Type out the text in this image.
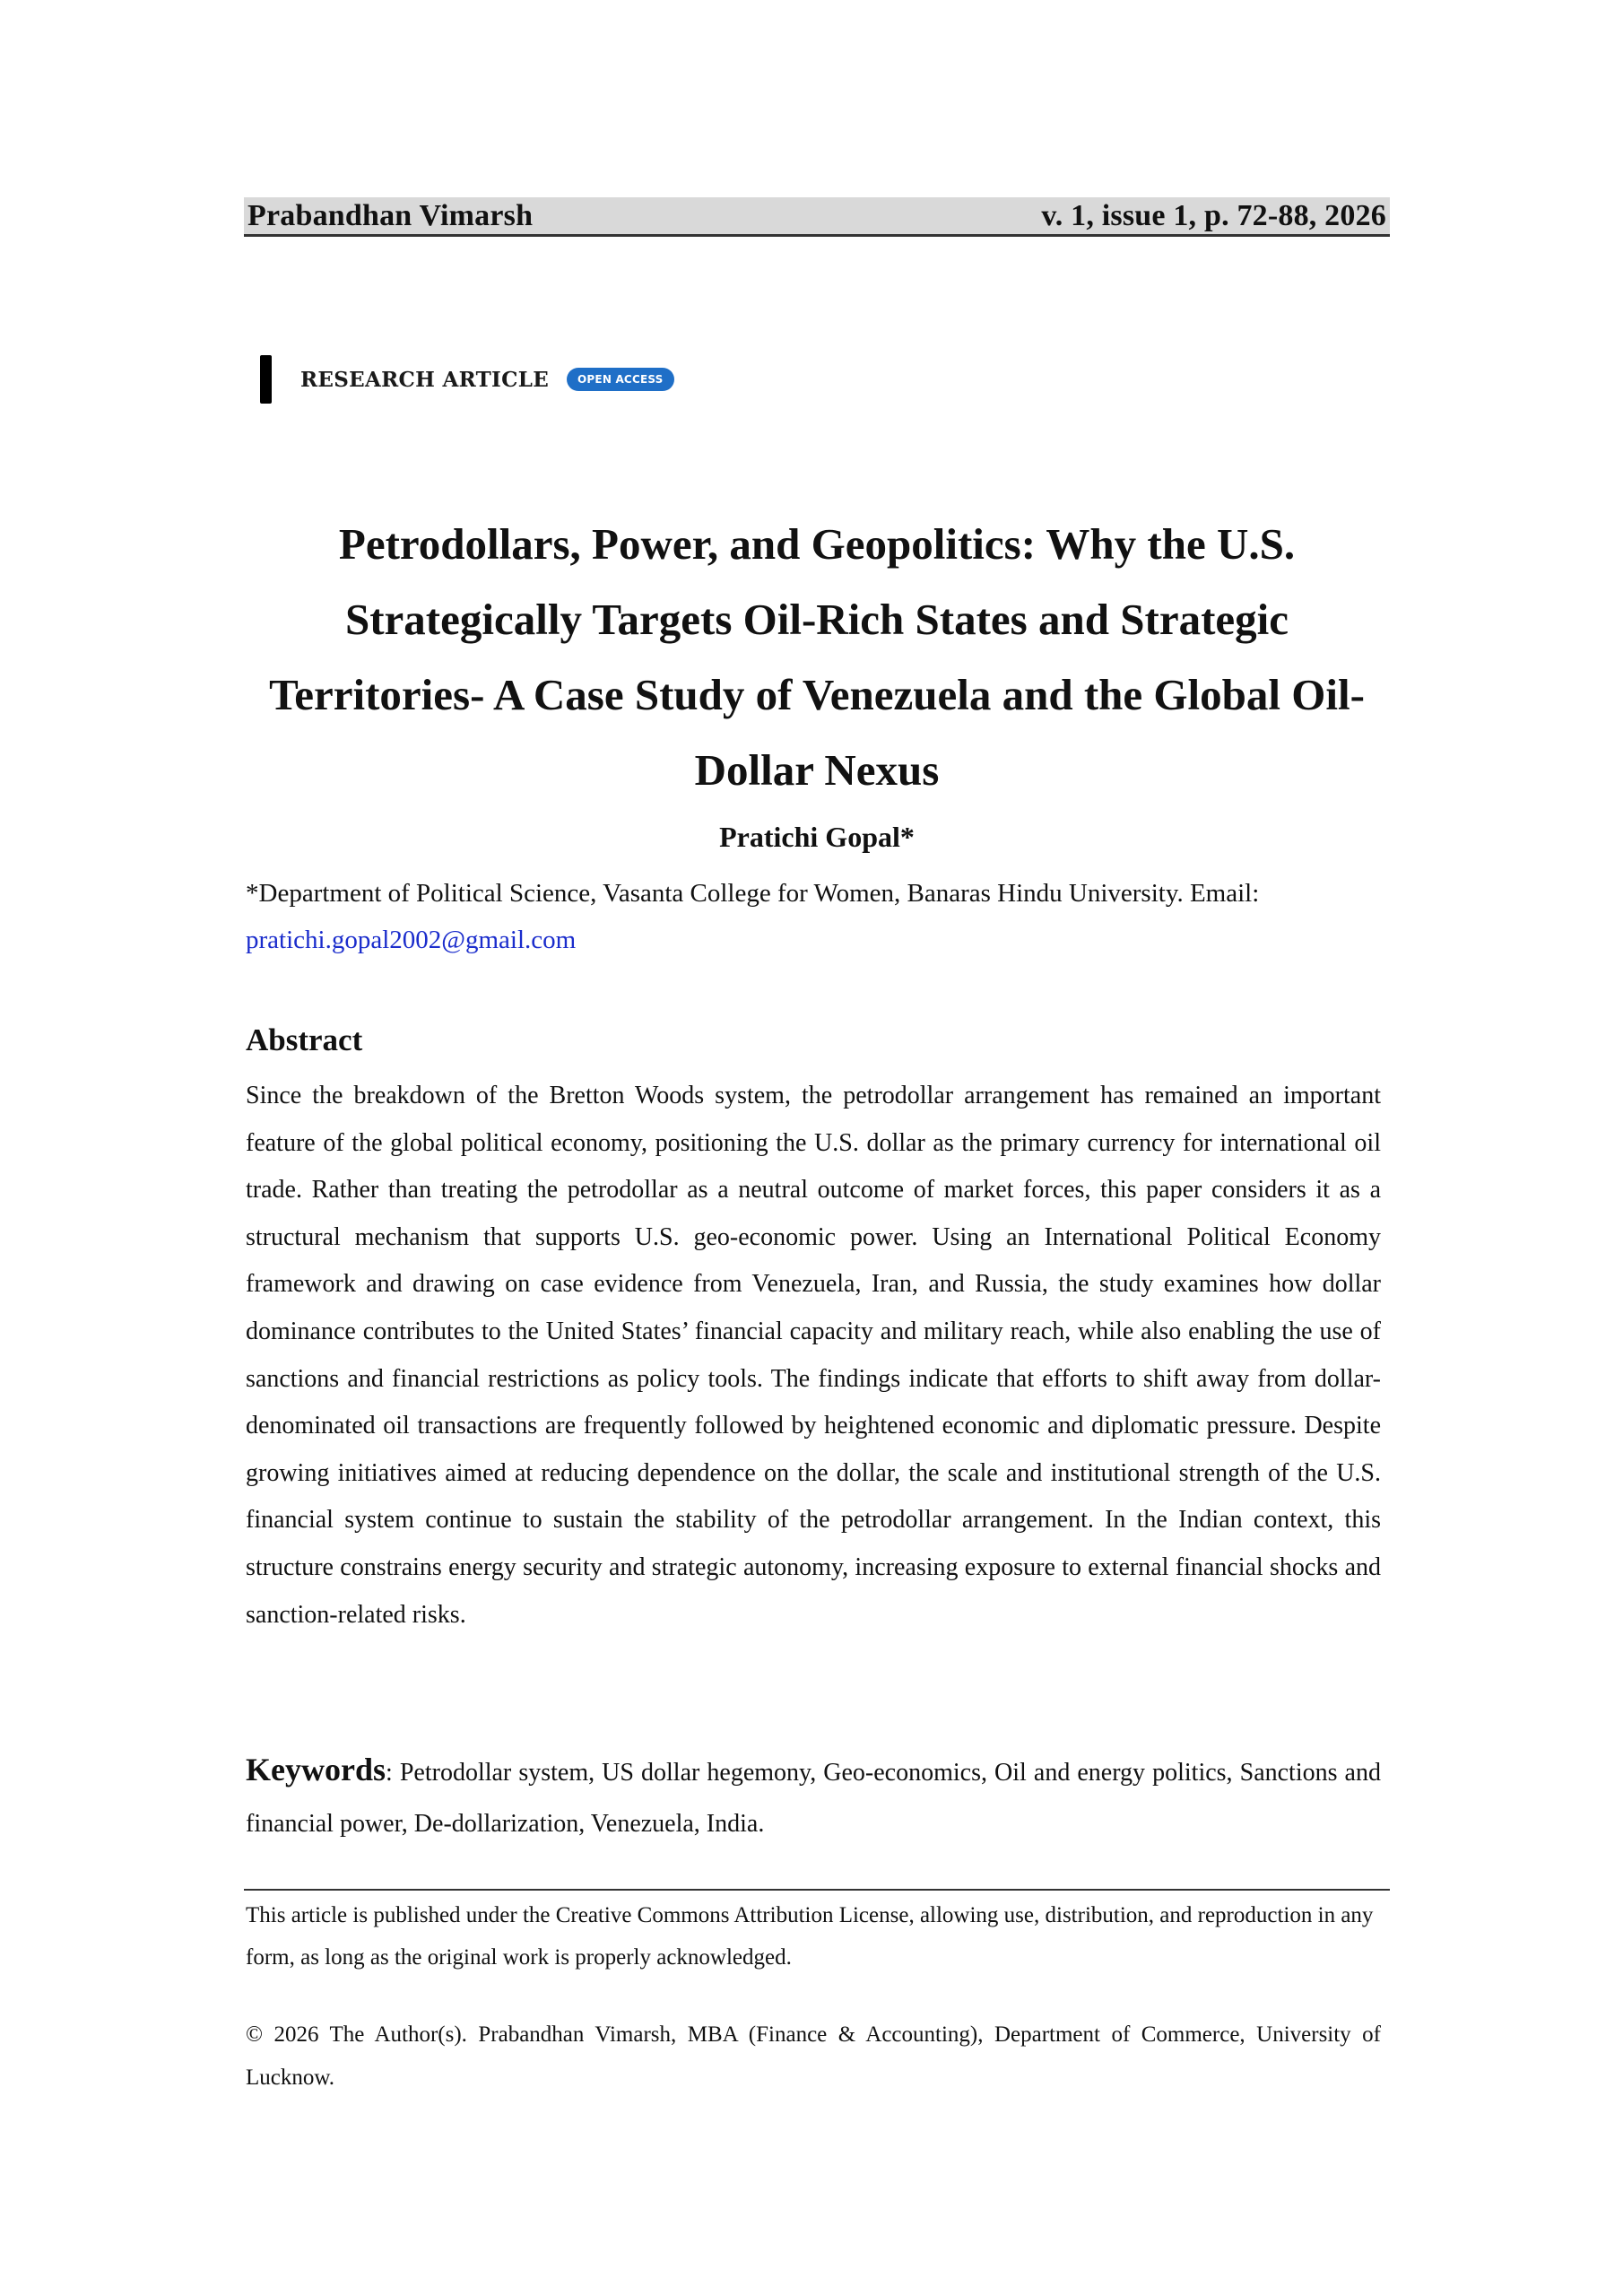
Prabandhan Vimarsh	v. 1, issue 1, p. 72-88, 2026
RESEARCH ARTICLE	OPEN ACCESS
Petrodollars, Power, and Geopolitics: Why the U.S. Strategically Targets Oil-Rich States and Strategic Territories- A Case Study of Venezuela and the Global Oil-Dollar Nexus
Pratichi Gopal*
*Department of Political Science, Vasanta College for Women, Banaras Hindu University. Email:
pratichi.gopal2002@gmail.com
Abstract

Since the breakdown of the Bretton Woods system, the petrodollar arrangement has remained an important feature of the global political economy, positioning the U.S. dollar as the primary currency for international oil trade. Rather than treating the petrodollar as a neutral outcome of market forces, this paper considers it as a structural mechanism that supports U.S. geo-economic power. Using an International Political Economy framework and drawing on case evidence from Venezuela, Iran, and Russia, the study examines how dollar dominance contributes to the United States’ financial capacity and military reach, while also enabling the use of sanctions and financial restrictions as policy tools. The findings indicate that efforts to shift away from dollar-denominated oil transactions are frequently followed by heightened economic and diplomatic pressure. Despite growing initiatives aimed at reducing dependence on the dollar, the scale and institutional strength of the U.S. financial system continue to sustain the stability of the petrodollar arrangement. In the Indian context, this structure constrains energy security and strategic autonomy, increasing exposure to external financial shocks and sanction-related risks.

Keywords: Petrodollar system, US dollar hegemony, Geo-economics, Oil and energy politics, Sanctions and financial power, De-dollarization, Venezuela, India.

This article is published under the Creative Commons Attribution License, allowing use, distribution, and reproduction in any form, as long as the original work is properly acknowledged.

© 2026 The Author(s). Prabandhan Vimarsh, MBA (Finance & Accounting), Department of Commerce, University of Lucknow.
